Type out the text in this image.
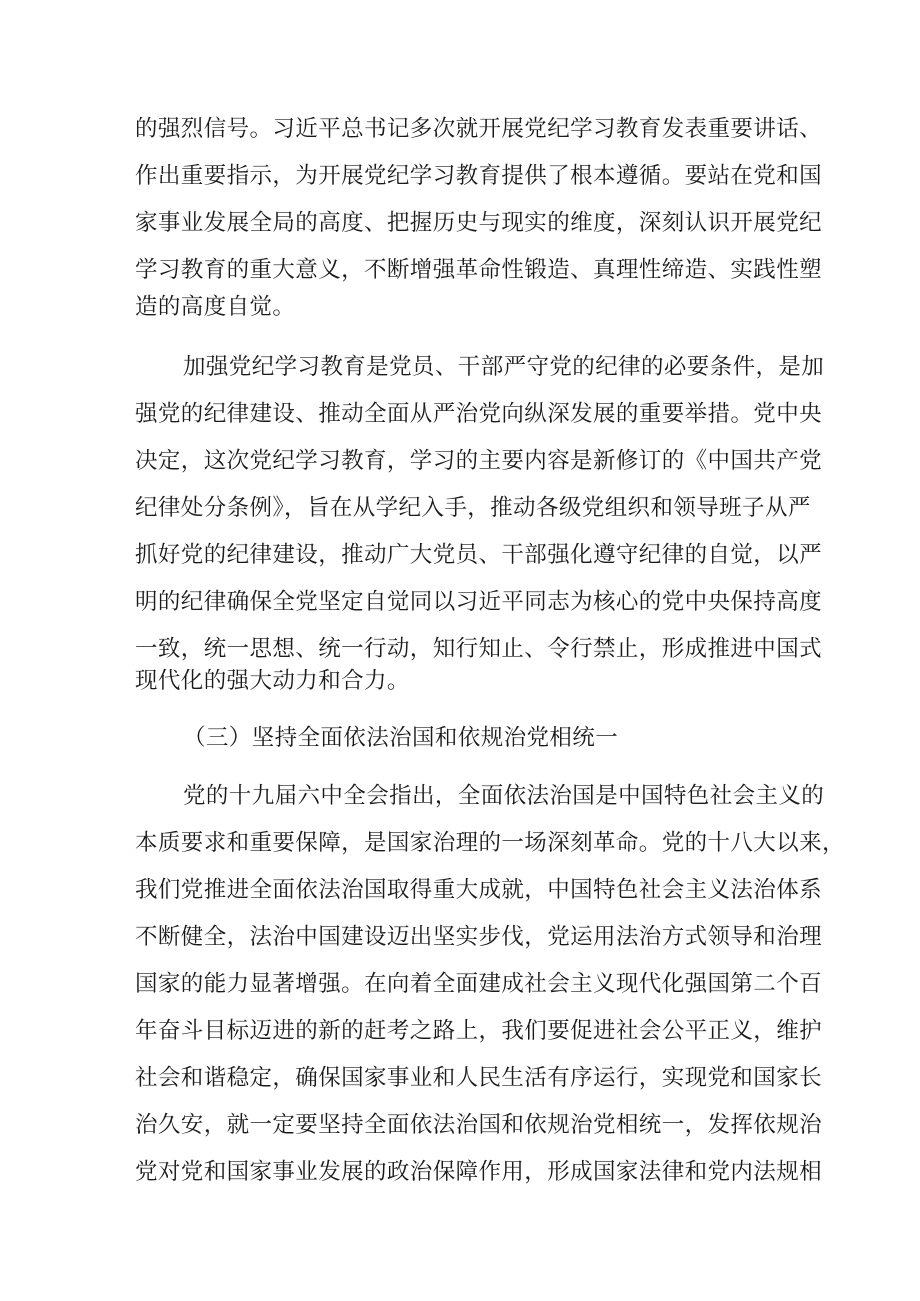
的强烈信号。习近平总书记多次就开展党纪学习教育发表重要讲话、
作出重要指示，为开展党纪学习教育提供了根本遵循。要站在党和国
家事业发展全局的高度、把握历史与现实的维度，深刻认识开展党纪
学习教育的重大意义，不断增强革命性锻造、真理性缔造、实践性塑
造的高度自觉。
加强党纪学习教育是党员、干部严守党的纪律的必要条件，是加
强党的纪律建设、推动全面从严治党向纵深发展的重要举措。党中央
决定，这次党纪学习教育，学习的主要内容是新修订的《中国共产党
纪律处分条例》，旨在从学纪入手，推动各级党组织和领导班子从严
抓好党的纪律建设，推动广大党员、干部强化遵守纪律的自觉，以严
明的纪律确保全党坚定自觉同以习近平同志为核心的党中央保持高度
一致，统一思想、统一行动，知行知止、令行禁止，形成推进中国式
现代化的强大动力和合力。
（三）坚持全面依法治国和依规治党相统一
党的十九届六中全会指出，全面依法治国是中国特色社会主义的
本质要求和重要保障，是国家治理的一场深刻革命。党的十八大以来，
我们党推进全面依法治国取得重大成就，中国特色社会主义法治体系
不断健全，法治中国建设迈出坚实步伐，党运用法治方式领导和治理
国家的能力显著增强。在向着全面建成社会主义现代化强国第二个百
年奋斗目标迈进的新的赶考之路上，我们要促进社会公平正义，维护
社会和谐稳定，确保国家事业和人民生活有序运行，实现党和国家长
治久安，就一定要坚持全面依法治国和依规治党相统一，发挥依规治
党对党和国家事业发展的政治保障作用，形成国家法律和党内法规相
